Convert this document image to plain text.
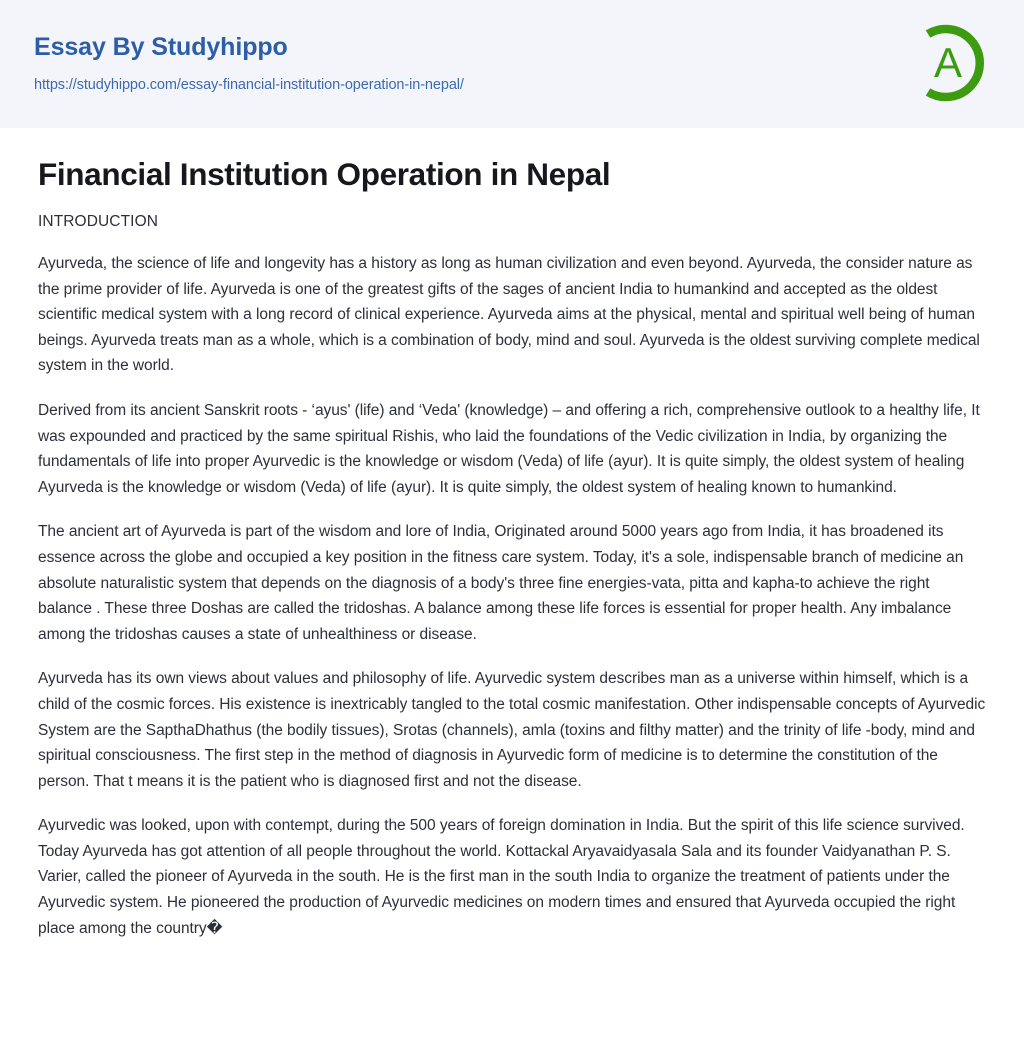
Essay By Studyhippo
https://studyhippo.com/essay-financial-institution-operation-in-nepal/	A
Financial Institution Operation in Nepal

INTRODUCTION

Ayurveda, the science of life and longevity has a history as long as human civilization and even beyond. Ayurveda, the consider nature as the prime provider of life. Ayurveda is one of the greatest gifts of the sages of ancient India to humankind and accepted as the oldest scientific medical system with a long record of clinical experience. Ayurveda aims at the physical, mental and spiritual well being of human beings. Ayurveda treats man as a whole, which is a combination of body, mind and soul. Ayurveda is the oldest surviving complete medical system in the world.

Derived from its ancient Sanskrit roots - ‘ayus' (life) and ‘Veda' (knowledge) – and offering a rich, comprehensive outlook to a healthy life, It was expounded and practiced by the same spiritual Rishis, who laid the foundations of the Vedic civilization in India, by organizing the fundamentals of life into proper Ayurvedic is the knowledge or wisdom (Veda) of life (ayur). It is quite simply, the oldest system of healing Ayurveda is the knowledge or wisdom (Veda) of life (ayur). It is quite simply, the oldest system of healing known to humankind.

The ancient art of Ayurveda is part of the wisdom and lore of India, Originated around 5000 years ago from India, it has broadened its essence across the globe and occupied a key position in the fitness care system. Today, it's a sole, indispensable branch of medicine an absolute naturalistic system that depends on the diagnosis of a body's three fine energies-vata, pitta and kapha-to achieve the right balance . These three Doshas are called the tridoshas. A balance among these life forces is essential for proper health. Any imbalance among the tridoshas causes a state of unhealthiness or disease.

Ayurveda has its own views about values and philosophy of life. Ayurvedic system describes man as a universe within himself, which is a child of the cosmic forces. His existence is inextricably tangled to the total cosmic manifestation. Other indispensable concepts of Ayurvedic System are the SapthaDhathus (the bodily tissues), Srotas (channels), amla (toxins and filthy matter) and the trinity of life -body, mind and spiritual consciousness. The first step in the method of diagnosis in Ayurvedic form of medicine is to determine the constitution of the person. That t means it is the patient who is diagnosed first and not the disease.

Ayurvedic was looked, upon with contempt, during the 500 years of foreign domination in India. But the spirit of this life science survived. Today Ayurveda has got attention of all people throughout the world. Kottackal Aryavaidyasala Sala and its founder Vaidyanathan P. S. Varier, called the pioneer of Ayurveda in the south. He is the first man in the south India to organize the treatment of patients under the Ayurvedic system. He pioneered the production of Ayurvedic medicines on modern times and ensured that Ayurveda occupied the right place among the country�
